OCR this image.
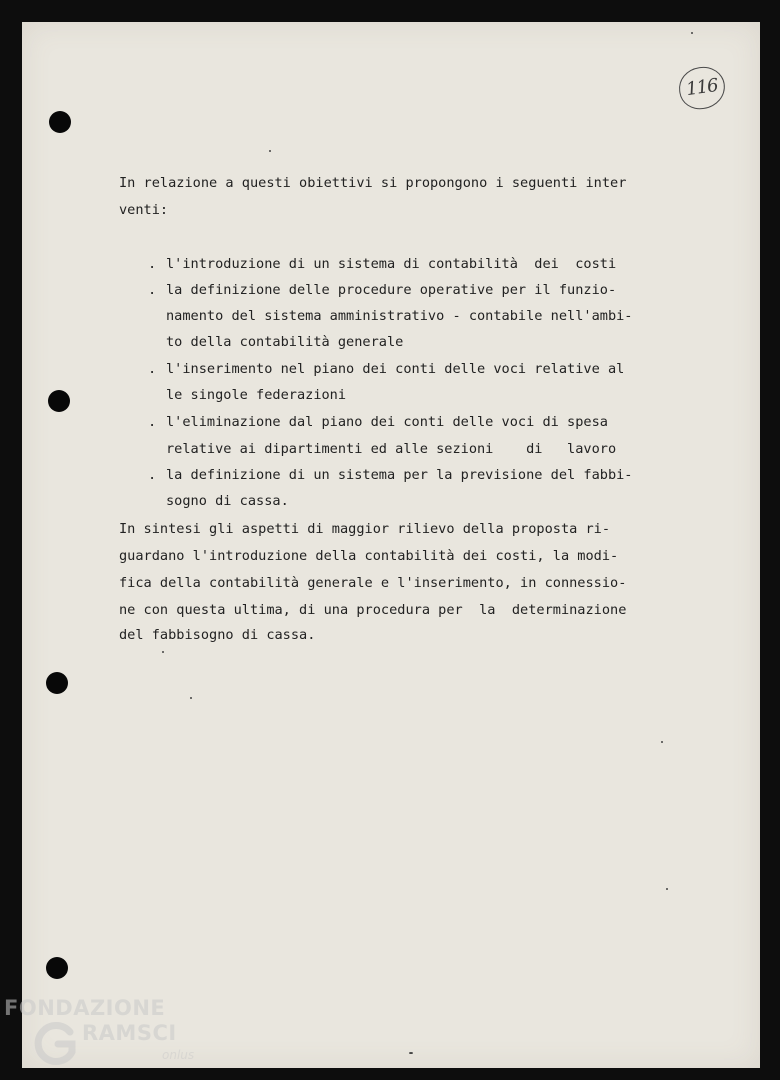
116
In relazione a questi obiettivi si propongono i seguenti inter
venti:
. l'introduzione di un sistema di contabilità  dei  costi
. la definizione delle procedure operative per il funzio-
namento del sistema amministrativo - contabile nell'ambi-
to della contabilità generale
. l'inserimento nel piano dei conti delle voci relative al
le singole federazioni
. l'eliminazione dal piano dei conti delle voci di spesa
relative ai dipartimenti ed alle sezioni    di   lavoro
. la definizione di un sistema per la previsione del fabbi-
sogno di cassa.
In sintesi gli aspetti di maggior rilievo della proposta ri-
guardano l'introduzione della contabilità dei costi, la modi-
fica della contabilità generale e l'inserimento, in connessio-
ne con questa ultima, di una procedura per  la  determinazione
del fabbisogno di cassa.
FONDAZIONE
RAMSCI
onlus
